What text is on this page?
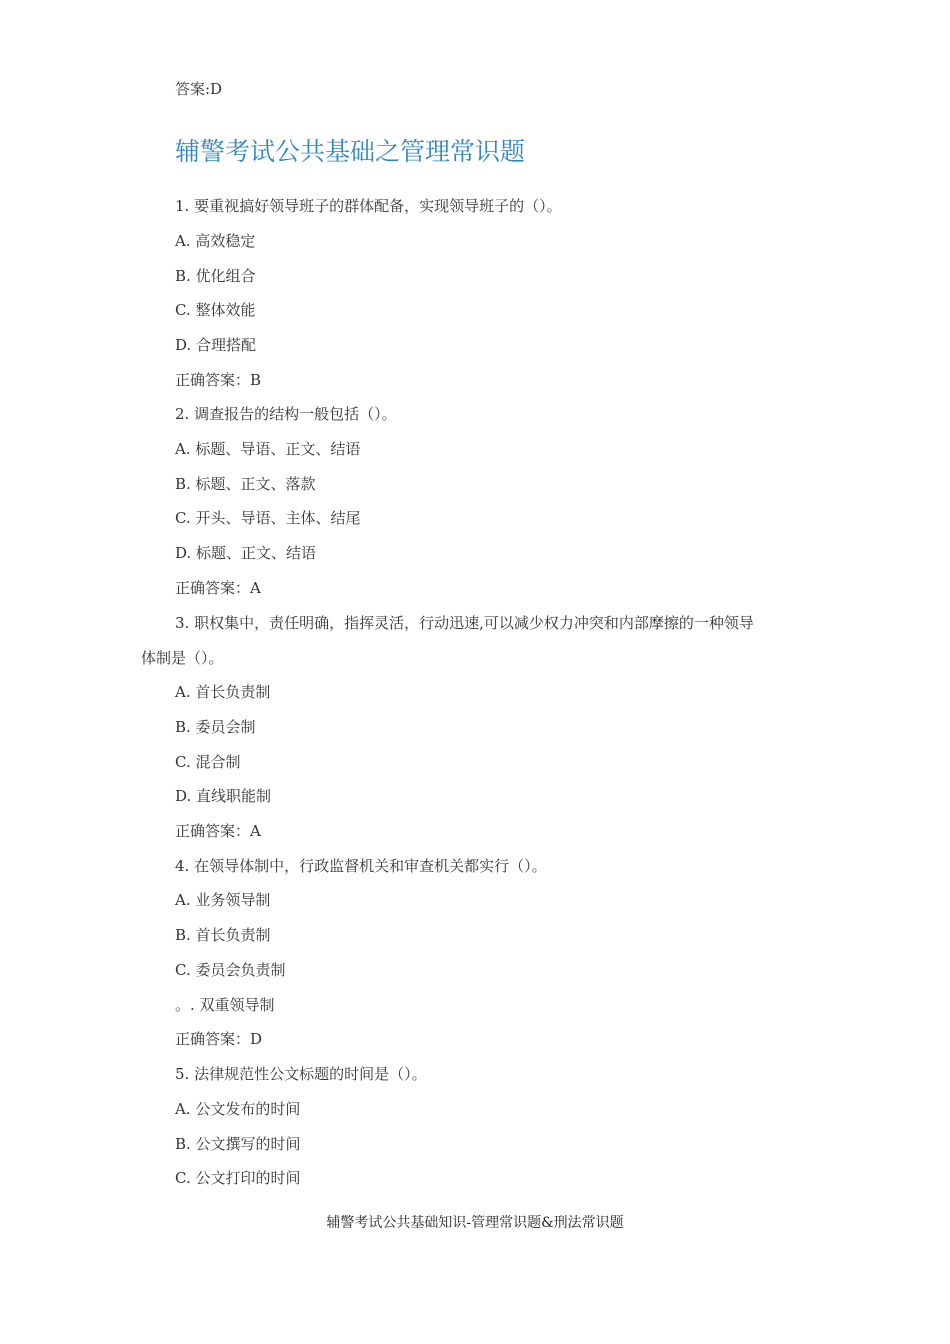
答案:D
辅警考试公共基础之管理常识题
1. 要重视搞好领导班子的群体配备，实现领导班子的（）。
A. 高效稳定
B. 优化组合
C. 整体效能
D. 合理搭配
正确答案：B
2. 调查报告的结构一般包括（）。
A. 标题、导语、正文、结语
B. 标题、正文、落款
C. 开头、导语、主体、结尾
D. 标题、正文、结语
正确答案：A
3. 职权集中，责任明确，指挥灵活，行动迅速,可以减少权力冲突和内部摩擦的一种领导
体制是（）。
A. 首长负责制
B. 委员会制
C. 混合制
D. 直线职能制
正确答案：A
4. 在领导体制中，行政监督机关和审查机关都实行（）。
A. 业务领导制
B. 首长负责制
C. 委员会负责制
。. 双重领导制
正确答案：D
5. 法律规范性公文标题的时间是（）。
A. 公文发布的时间
B. 公文撰写的时间
C. 公文打印的时间
辅警考试公共基础知识-管理常识题&刑法常识题
